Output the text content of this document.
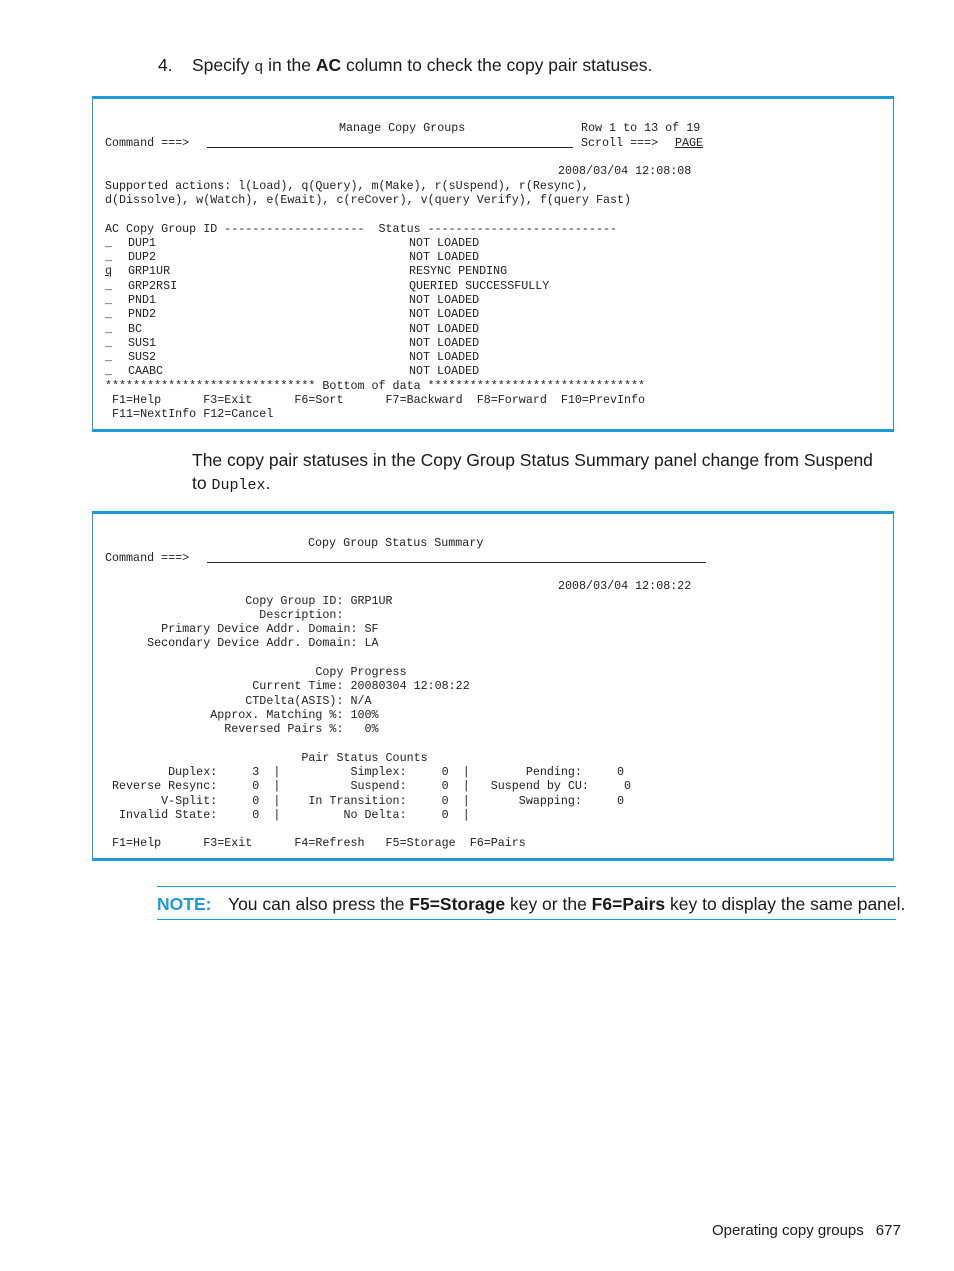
4. Specify q in the AC column to check the copy pair statuses.
Manage Copy Groups	Row 1 to 13 of 19
Command ===>	Scroll ===> PAGE
2008/03/04 12:08:08
Supported actions: l(Load), q(Query), m(Make), r(sUspend), r(Resync),
d(Dissolve), w(Watch), e(Ewait), c(reCover), v(query Verify), f(query Fast)
AC Copy Group ID --------------------  Status ---------------------------
_ DUP1	NOT LOADED
_ DUP2	NOT LOADED
q GRP1UR	RESYNC PENDING
_ GRP2RSI	QUERIED SUCCESSFULLY
_ PND1	NOT LOADED
_ PND2	NOT LOADED
_ BC	NOT LOADED
_ SUS1	NOT LOADED
_ SUS2	NOT LOADED
_ CAABC	NOT LOADED
****************************** Bottom of data *******************************
F1=Help      F3=Exit      F6=Sort      F7=Backward  F8=Forward  F10=PrevInfo
F11=NextInfo F12=Cancel
The copy pair statuses in the Copy Group Status Summary panel change from Suspend to Duplex.
Copy Group Status Summary
Command ===>
2008/03/04 12:08:22
Copy Group ID: GRP1UR
Description:
Primary Device Addr. Domain: SF
Secondary Device Addr. Domain: LA
Copy Progress
Current Time: 20080304 12:08:22
CTDelta(ASIS): N/A
Approx. Matching %: 100%
Reversed Pairs %:   0%
Pair Status Counts
Duplex:     3  |          Simplex:     0  |        Pending:     0
Reverse Resync:     0  |          Suspend:     0  |   Suspend by CU:     0
V-Split:     0  |    In Transition:     0  |       Swapping:     0
Invalid State:     0  |         No Delta:     0  |
F1=Help      F3=Exit      F4=Refresh   F5=Storage  F6=Pairs
NOTE: You can also press the F5=Storage key or the F6=Pairs key to display the same panel.
Operating copy groups 677
